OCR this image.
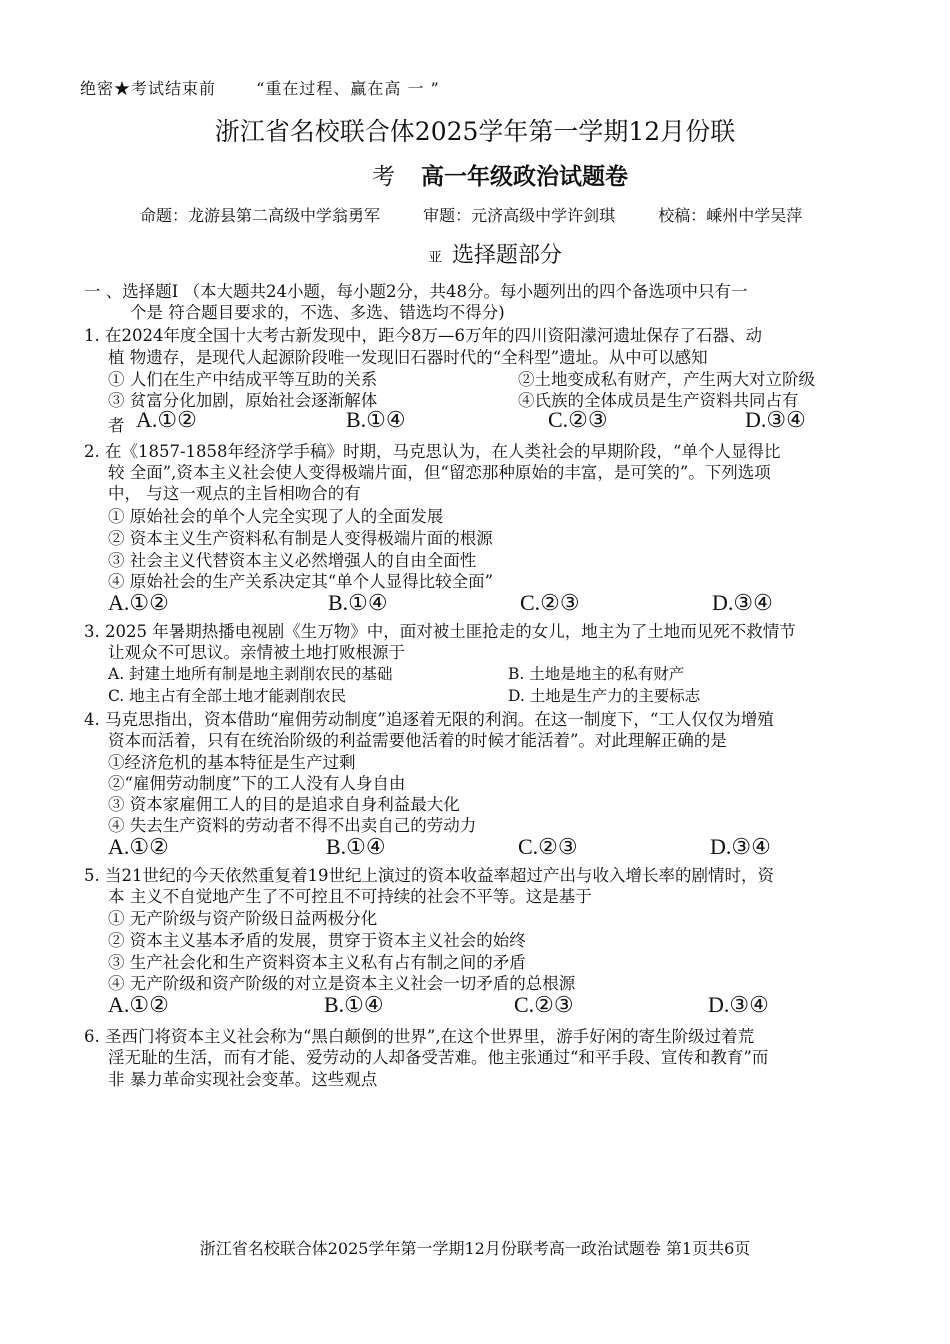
绝密★考试结束前	“重在过程、赢在高 一 ”
浙江省名校联合体2025学年第一学期12月份联
考 高一年级政治试题卷
命题：龙游县第二高级中学翁勇军	审题：元济高级中学许剑琪	校稿：嵊州中学吴萍
亚 选择题部分
一 、选择题Ⅰ （本大题共24小题，每小题2分，共48分。每小题列出的四个备选项中只有一
个是 符合题目要求的，不选、多选、错选均不得分)
1. 在2024年度全国十大考古新发现中，距今8万—6万年的四川资阳濛河遗址保存了石器、动
植 物遗存，是现代人起源阶段唯一发现旧石器时代的“全科型”遗址。从中可以感知
① 人们在生产中结成平等互助的关系	②土地变成私有财产，产生两大对立阶级
③ 贫富分化加剧，原始社会逐渐解体	④氏族的全体成员是生产资料共同占有
者 A.①②	B.①④	C.②③	D.③④
2. 在《1857-1858年经济学手稿》时期，马克思认为，在人类社会的早期阶段，“单个人显得比
较 全面”,资本主义社会使人变得极端片面，但“留恋那种原始的丰富，是可笑的”。下列选项
中， 与这一观点的主旨相吻合的有
① 原始社会的单个人完全实现了人的全面发展
② 资本主义生产资料私有制是人变得极端片面的根源
③ 社会主义代替资本主义必然增强人的自由全面性
④ 原始社会的生产关系决定其“单个人显得比较全面”
A.①②	B.①④	C.②③	D.③④
3. 2025 年暑期热播电视剧《生万物》中，面对被土匪抢走的女儿，地主为了土地而见死不救情节
让观众不可思议。亲情被土地打败根源于
A. 封建土地所有制是地主剥削农民的基础	B. 土地是地主的私有财产
C. 地主占有全部土地才能剥削农民	D. 土地是生产力的主要标志
4. 马克思指出，资本借助“雇佣劳动制度”追逐着无限的利润。在这一制度下，“工人仅仅为增殖
资本而活着，只有在统治阶级的利益需要他活着的时候才能活着”。对此理解正确的是
①经济危机的基本特征是生产过剩
②“雇佣劳动制度”下的工人没有人身自由
③ 资本家雇佣工人的目的是追求自身利益最大化
④ 失去生产资料的劳动者不得不出卖自己的劳动力
A.①②	B.①④	C.②③	D.③④
5. 当21世纪的今天依然重复着19世纪上演过的资本收益率超过产出与收入增长率的剧情时，资
本 主义不自觉地产生了不可控且不可持续的社会不平等。这是基于
① 无产阶级与资产阶级日益两极分化
② 资本主义基本矛盾的发展，贯穿于资本主义社会的始终
③ 生产社会化和生产资料资本主义私有占有制之间的矛盾
④ 无产阶级和资产阶级的对立是资本主义社会一切矛盾的总根源
A.①②	B.①④	C.②③	D.③④
6. 圣西门将资本主义社会称为“黑白颠倒的世界”,在这个世界里，游手好闲的寄生阶级过着荒
淫无耻的生活，而有才能、爱劳动的人却备受苦难。他主张通过“和平手段、宣传和教育”而
非 暴力革命实现社会变革。这些观点
浙江省名校联合体2025学年第一学期12月份联考高一政治试题卷 第1页共6页
